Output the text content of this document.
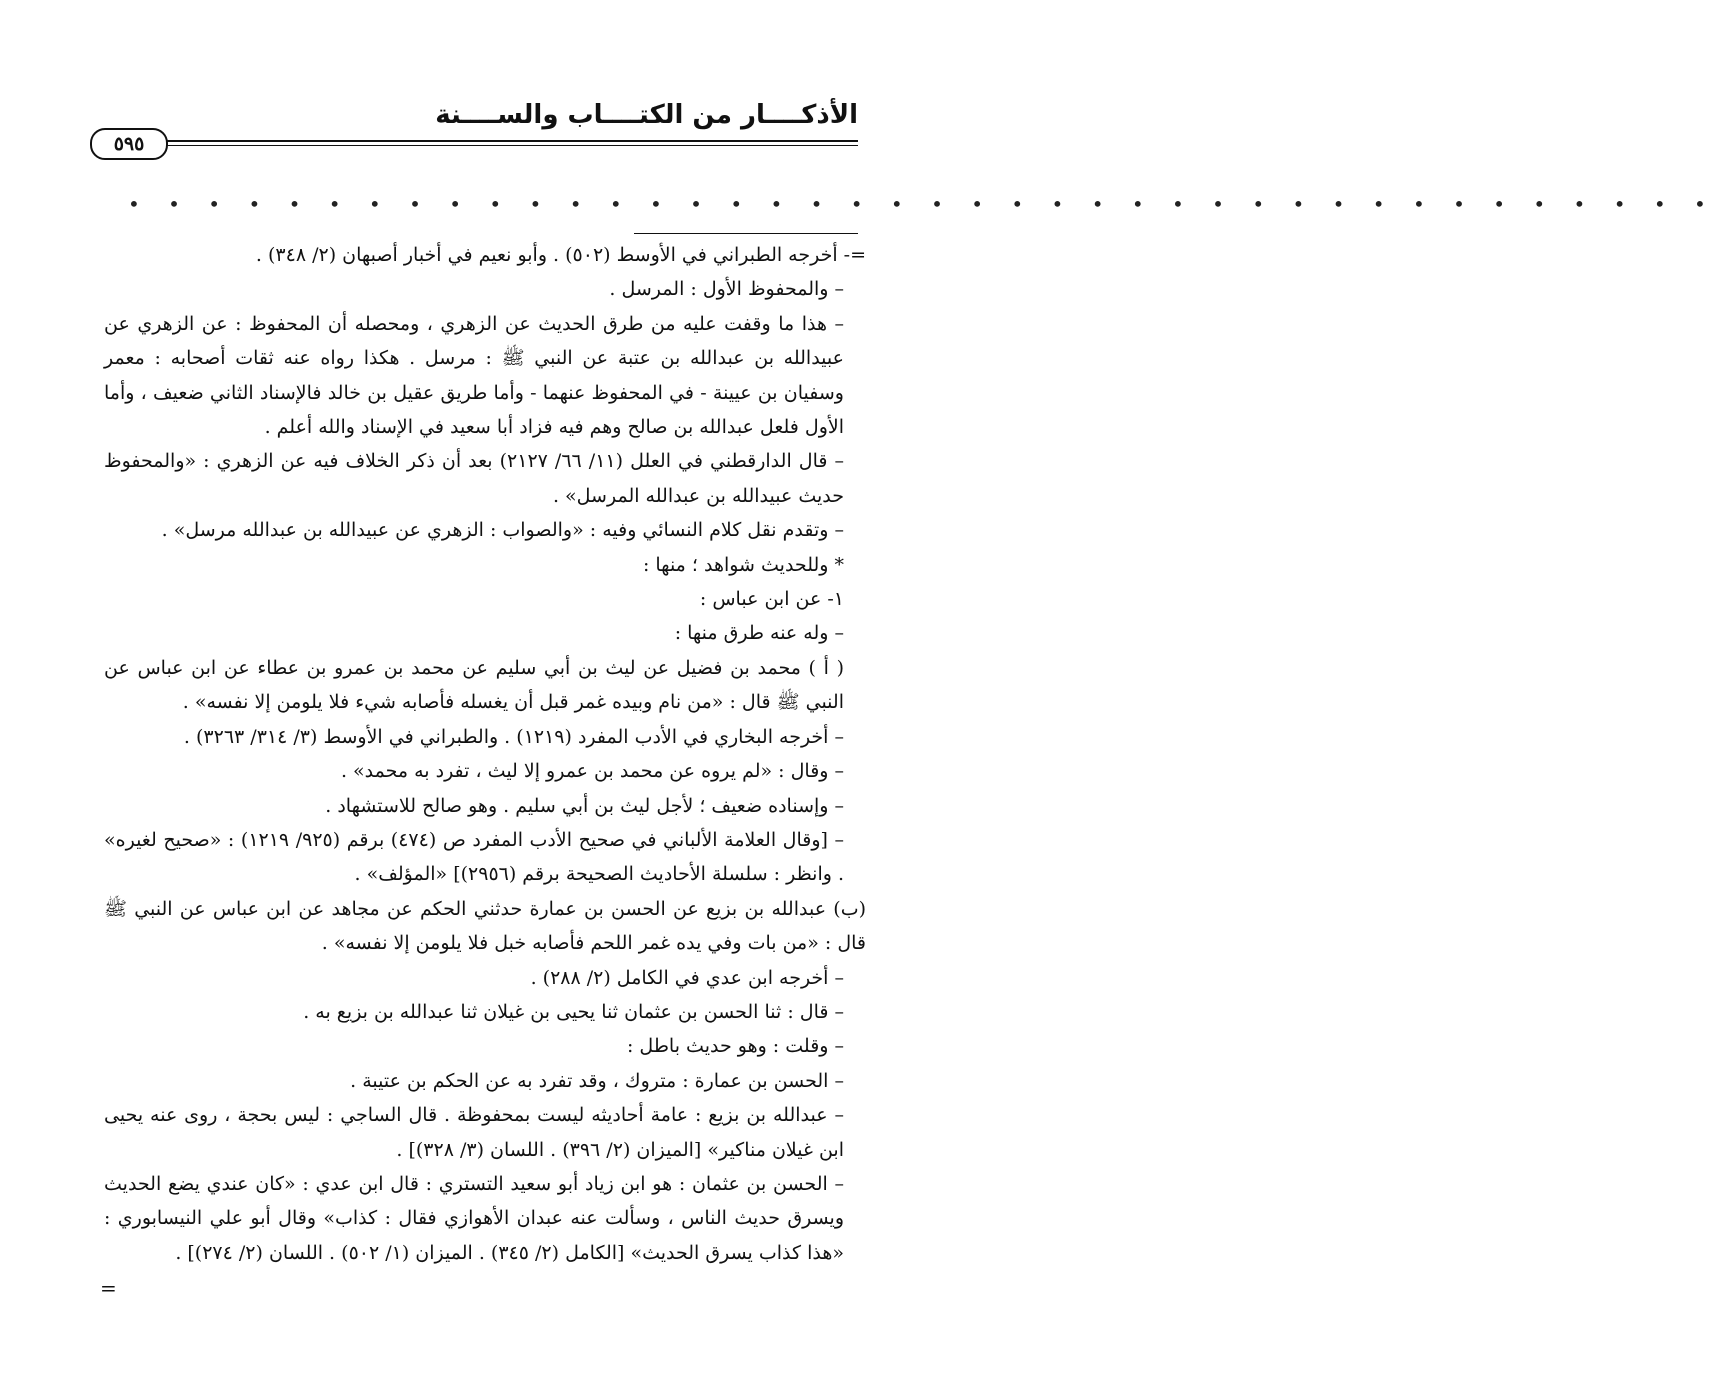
الأذكــــار من الكتــــاب والســــنة
٥٩٥
• • • • • • • • • • • • • • • • • • • • • • • • • • • • • • • • • • • • • • • •

=- أخرجه الطبراني في الأوسط (٥٠٢) . وأبو نعيم في أخبار أصبهان (٢/ ٣٤٨) .

– والمحفوظ الأول : المرسل .

– هذا ما وقفت عليه من طرق الحديث عن الزهري ، ومحصله أن المحفوظ : عن الزهري عن عبيدالله بن عبدالله بن عتبة عن النبي ﷺ : مرسل . هكذا رواه عنه ثقات أصحابه : معمر وسفيان بن عيينة - في المحفوظ عنهما - وأما طريق عقيل بن خالد فالإسناد الثاني ضعيف ، وأما الأول فلعل عبدالله بن صالح وهم فيه فزاد أبا سعيد في الإسناد والله أعلم .

– قال الدارقطني في العلل (١١/ ٦٦/ ٢١٢٧) بعد أن ذكر الخلاف فيه عن الزهري : «والمحفوظ حديث عبيدالله بن عبدالله المرسل» .

– وتقدم نقل كلام النسائي وفيه : «والصواب : الزهري عن عبيدالله بن عبدالله مرسل» .

* وللحديث شواهد ؛ منها :

١- عن ابن عباس :

– وله عنه طرق منها :

( أ ) محمد بن فضيل عن ليث بن أبي سليم عن محمد بن عمرو بن عطاء عن ابن عباس عن النبي ﷺ قال : «من نام وبيده غمر قبل أن يغسله فأصابه شيء فلا يلومن إلا نفسه» .

– أخرجه البخاري في الأدب المفرد (١٢١٩) . والطبراني في الأوسط (٣/ ٣١٤/ ٣٢٦٣) .

– وقال : «لم يروه عن محمد بن عمرو إلا ليث ، تفرد به محمد» .

– وإسناده ضعيف ؛ لأجل ليث بن أبي سليم . وهو صالح للاستشهاد .

– [وقال العلامة الألباني في صحيح الأدب المفرد ص (٤٧٤) برقم (٩٢٥/ ١٢١٩) : «صحيح لغيره» . وانظر : سلسلة الأحاديث الصحيحة برقم (٢٩٥٦)] «المؤلف» .

(ب) عبدالله بن بزيع عن الحسن بن عمارة حدثني الحكم عن مجاهد عن ابن عباس عن النبي ﷺ قال : «من بات وفي يده غمر اللحم فأصابه خبل فلا يلومن إلا نفسه» .

– أخرجه ابن عدي في الكامل (٢/ ٢٨٨) .

– قال : ثنا الحسن بن عثمان ثنا يحيى بن غيلان ثنا عبدالله بن بزيع به .

– وقلت : وهو حديث باطل :

– الحسن بن عمارة : متروك ، وقد تفرد به عن الحكم بن عتيبة .

– عبدالله بن بزيع : عامة أحاديثه ليست بمحفوظة . قال الساجي : ليس بحجة ، روى عنه يحيى ابن غيلان مناكير» [الميزان (٢/ ٣٩٦) . اللسان (٣/ ٣٢٨)] .

– الحسن بن عثمان : هو ابن زياد أبو سعيد التستري : قال ابن عدي : «كان عندي يضع الحديث ويسرق حديث الناس ، وسألت عنه عبدان الأهوازي فقال : كذاب» وقال أبو علي النيسابوري : «هذا كذاب يسرق الحديث» [الكامل (٢/ ٣٤٥) . الميزان (١/ ٥٠٢) . اللسان (٢/ ٢٧٤)] .

=
